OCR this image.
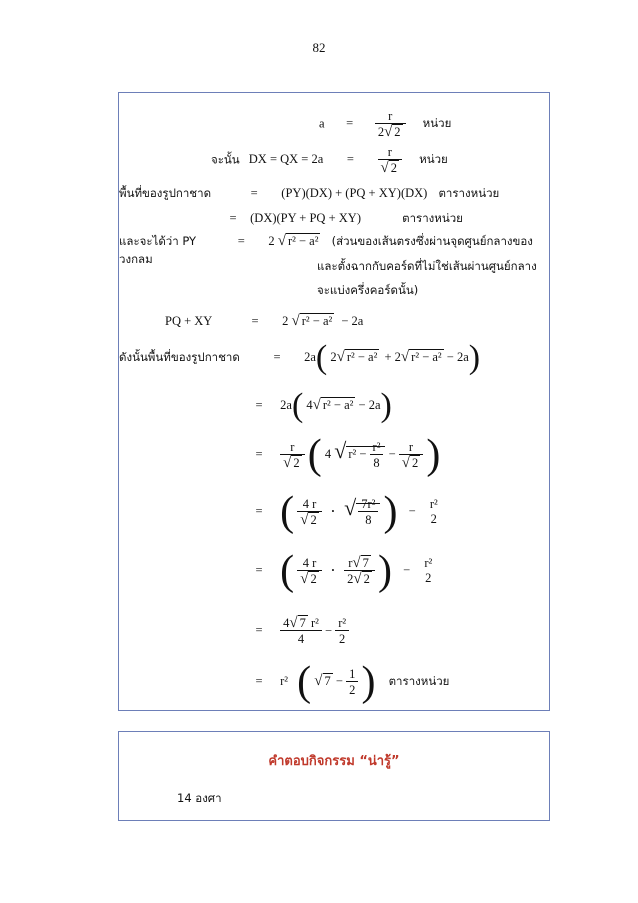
82
$a = \frac{r}{2√ 2}$ หน่วย
จะนั้น DX = QX = $2a = \frac{r}{√ 2}$ หน่วย
พื้นที่ของรูปกาชาด	= (PY)(DX) + (PQ + XY)(DX) ตารางหน่วย
= (DX)(PY + PQ + XY)	ตารางหน่วย
และจะได้ว่า PY	= 2 √ r² − a² (ส่วนของเส้นตรงซึ่งผ่านจุดศูนย์กลางของวงกลม	และตั้งฉากกับคอร์ดที่ไม่ใช่เส้นผ่านศูนย์กลาง
จะแบ่งครึ่งคอร์ดนั้น)
PQ + XY	= 2 √ r² − a² − 2a
ดังนั้นพื้นที่ของรูปกาชาด	= 2a( 2√ r² − a² + 2√ r² − a² − 2a)
= 2a( 4√ r² − a² − 2a)
= $\frac{r}{√ 2}$ ( 4 √ $r^2 - \frac{\text{r²}}{8} - \frac{r}{√ 2}$ )
= ( $\frac{4 r}{√ 2}$ · √ $\frac{\text{7r²}}{8}$ ) − r²
2
= ( $\frac{4 r}{√ 2} \cdot \frac{r√ 7}{2√ 2}$ ) − r²
2
= $\frac{\text{4√ 7 r²}}{4} - \frac{\text{r²}}{2}$
= r² ( √ $7 - \frac{1}{2}$ ) ตารางหน่วย
คำตอบกิจกรรม “น่ารู้”
14 องศา
